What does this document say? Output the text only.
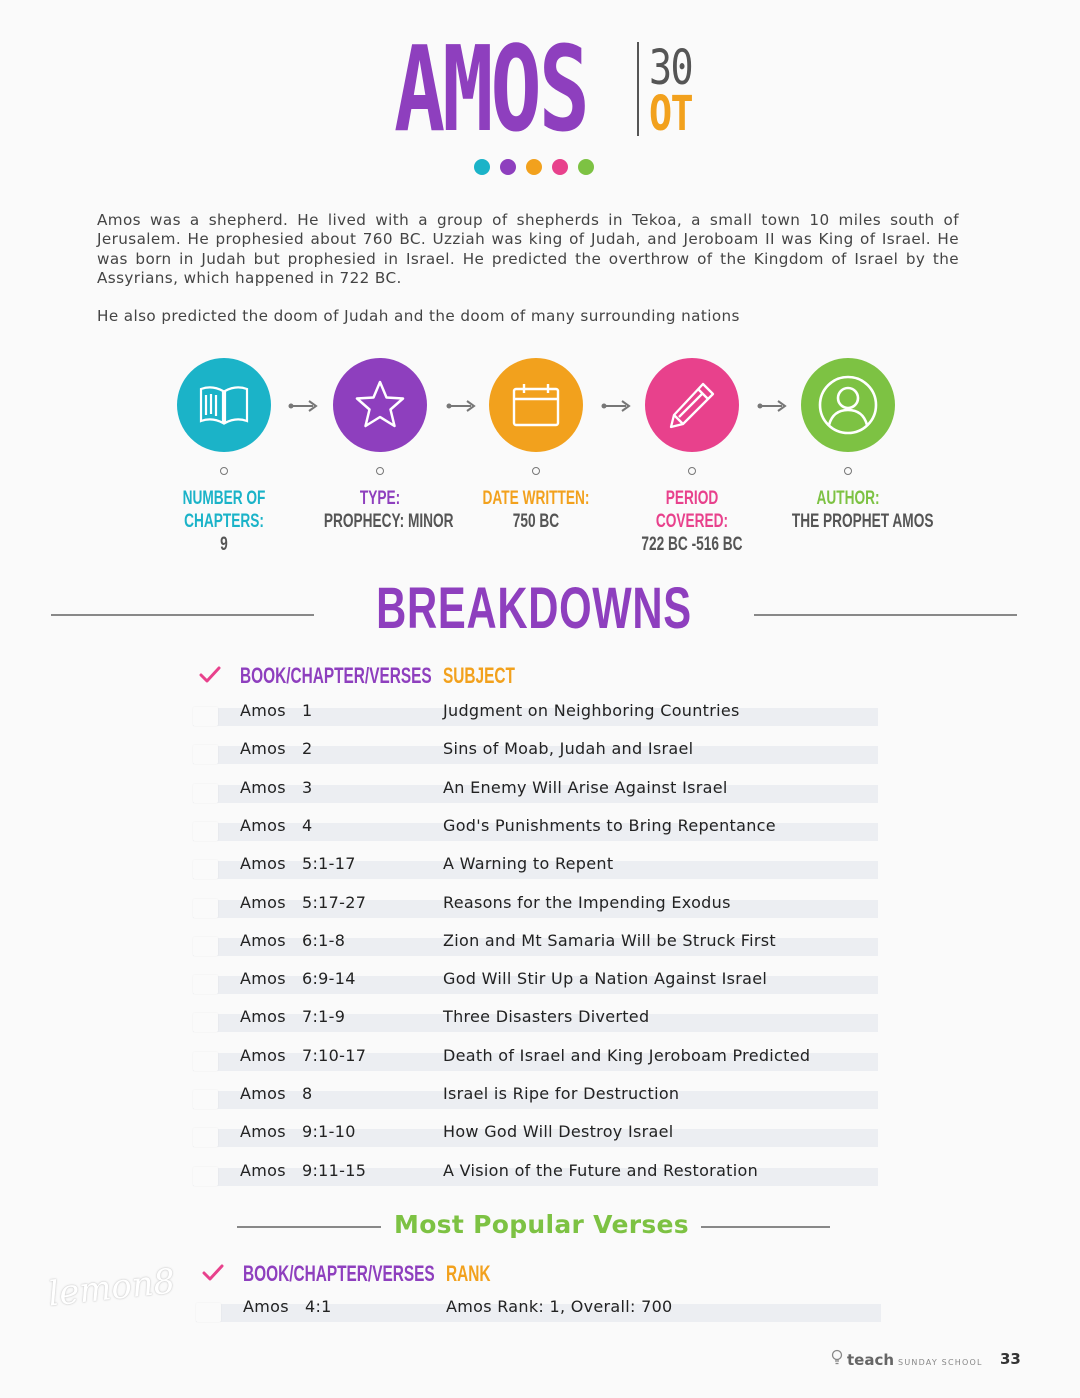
AMOS 30
OT

Amos was a shepherd. He lived with a group of shepherds in Tekoa, a small town 10 miles south of Jerusalem. He prophesied about 760 BC. Uzziah was king of Judah, and Jeroboam II was King of Israel. He was born in Judah but prophesied in Israel. He predicted the overthrow of the Kingdom of Israel by the Assyrians, which happened in 722 BC.

He also predicted the doom of Judah and the doom of many surrounding nations

NUMBER OF CHAPTERS:
9
TYPE:
PROPHECY: MINOR
DATE WRITTEN:
750 BC
PERIOD COVERED:
722 BC -516 BC
AUTHOR:
THE PROPHET AMOS
BREAKDOWNS
BOOK/CHAPTER/VERSES SUBJECT
Amos   1	Judgment on Neighboring Countries
Amos   2	Sins of Moab, Judah and Israel
Amos   3	An Enemy Will Arise Against Israel
Amos   4	God's Punishments to Bring Repentance
Amos   5:1-17	A Warning to Repent
Amos   5:17-27	Reasons for the Impending Exodus
Amos   6:1-8	Zion and Mt Samaria Will be Struck First
Amos   6:9-14	God Will Stir Up a Nation Against Israel
Amos   7:1-9	Three Disasters Diverted
Amos   7:10-17	Death of Israel and King Jeroboam Predicted
Amos   8	Israel is Ripe for Destruction
Amos   9:1-10	How God Will Destroy Israel
Amos   9:11-15	A Vision of the Future and Restoration
Most Popular Verses
BOOK/CHAPTER/VERSES RANK
Amos   4:1	Amos Rank: 1, Overall: 700
lemon8
teach SUNDAY SCHOOL 33
